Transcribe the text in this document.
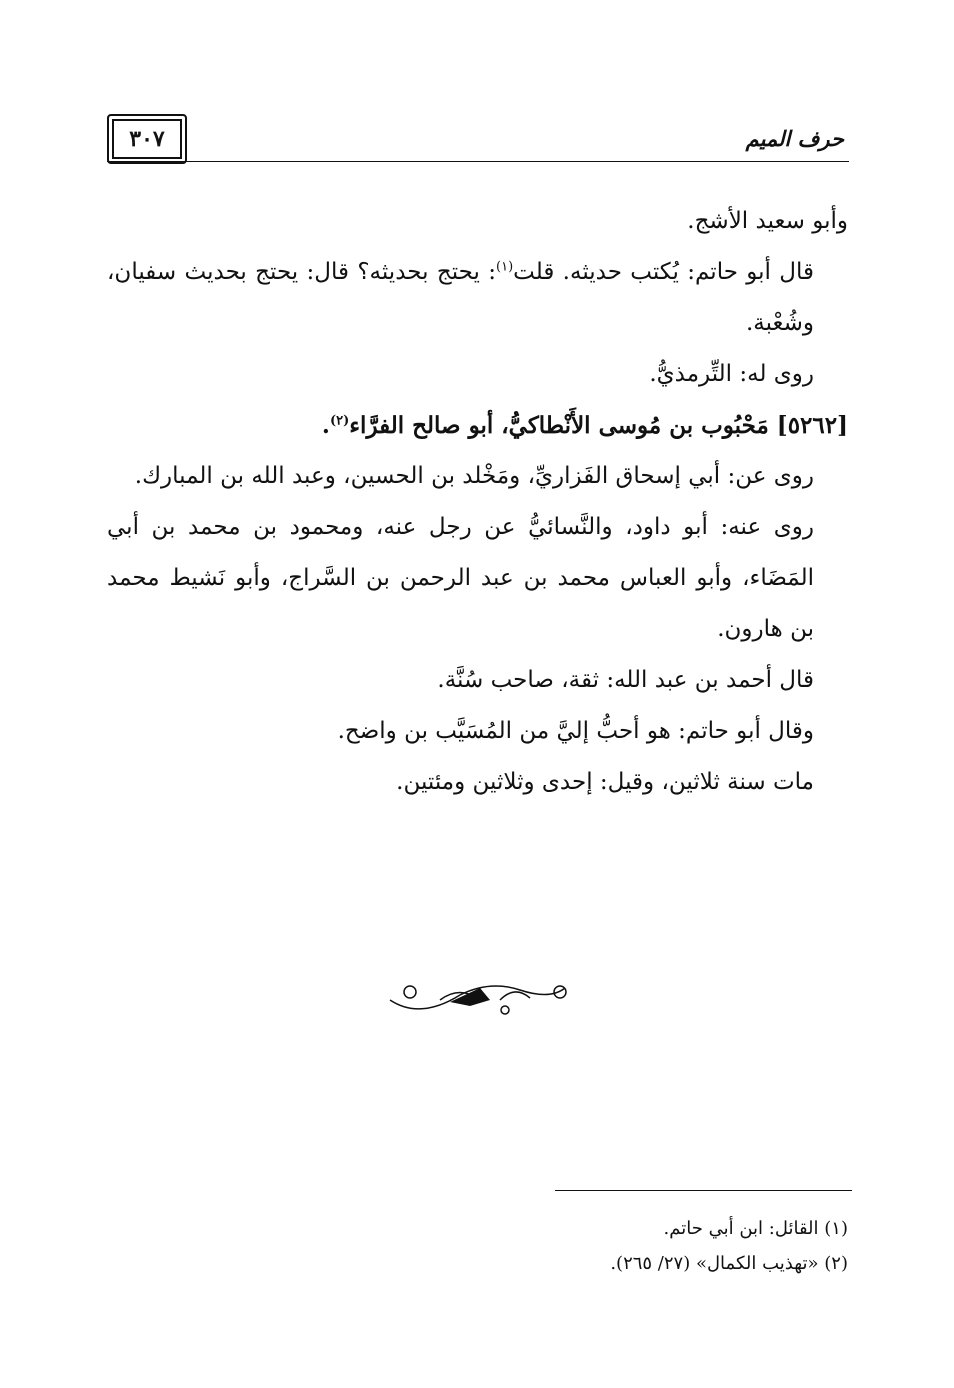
٣٠٧	حرف الميم

وأبو سعيد الأشج.

قال أبو حاتم: يُكتب حديثه. قلت$^{(١)}$: يحتج بحديثه؟ قال: يحتج بحديث سفيان، وشُعْبة.

روى له: التِّرمذيُّ.

[٥٢٦٢] مَحْبُوب بن مُوسى الأَنْطاكيُّ، أبو صالح الفرَّاء$^{(٢)}$.

روى عن: أبي إسحاق الفَزاريِّ، ومَخْلد بن الحسين، وعبد الله بن المبارك.

روى عنه: أبو داود، والنَّسائيُّ عن رجل عنه، ومحمود بن محمد بن أبي المَضَاء، وأبو العباس محمد بن عبد الرحمن بن السَّراج، وأبو نَشيط محمد بن هارون.

قال أحمد بن عبد الله: ثقة، صاحب سُنَّة.

وقال أبو حاتم: هو أحبُّ إليَّ من المُسَيَّب بن واضح.

مات سنة ثلاثين، وقيل: إحدى وثلاثين ومئتين.

(١) القائل: ابن أبي حاتم.

(٢) «تهذيب الكمال» (٢٧/ ٢٦٥).
